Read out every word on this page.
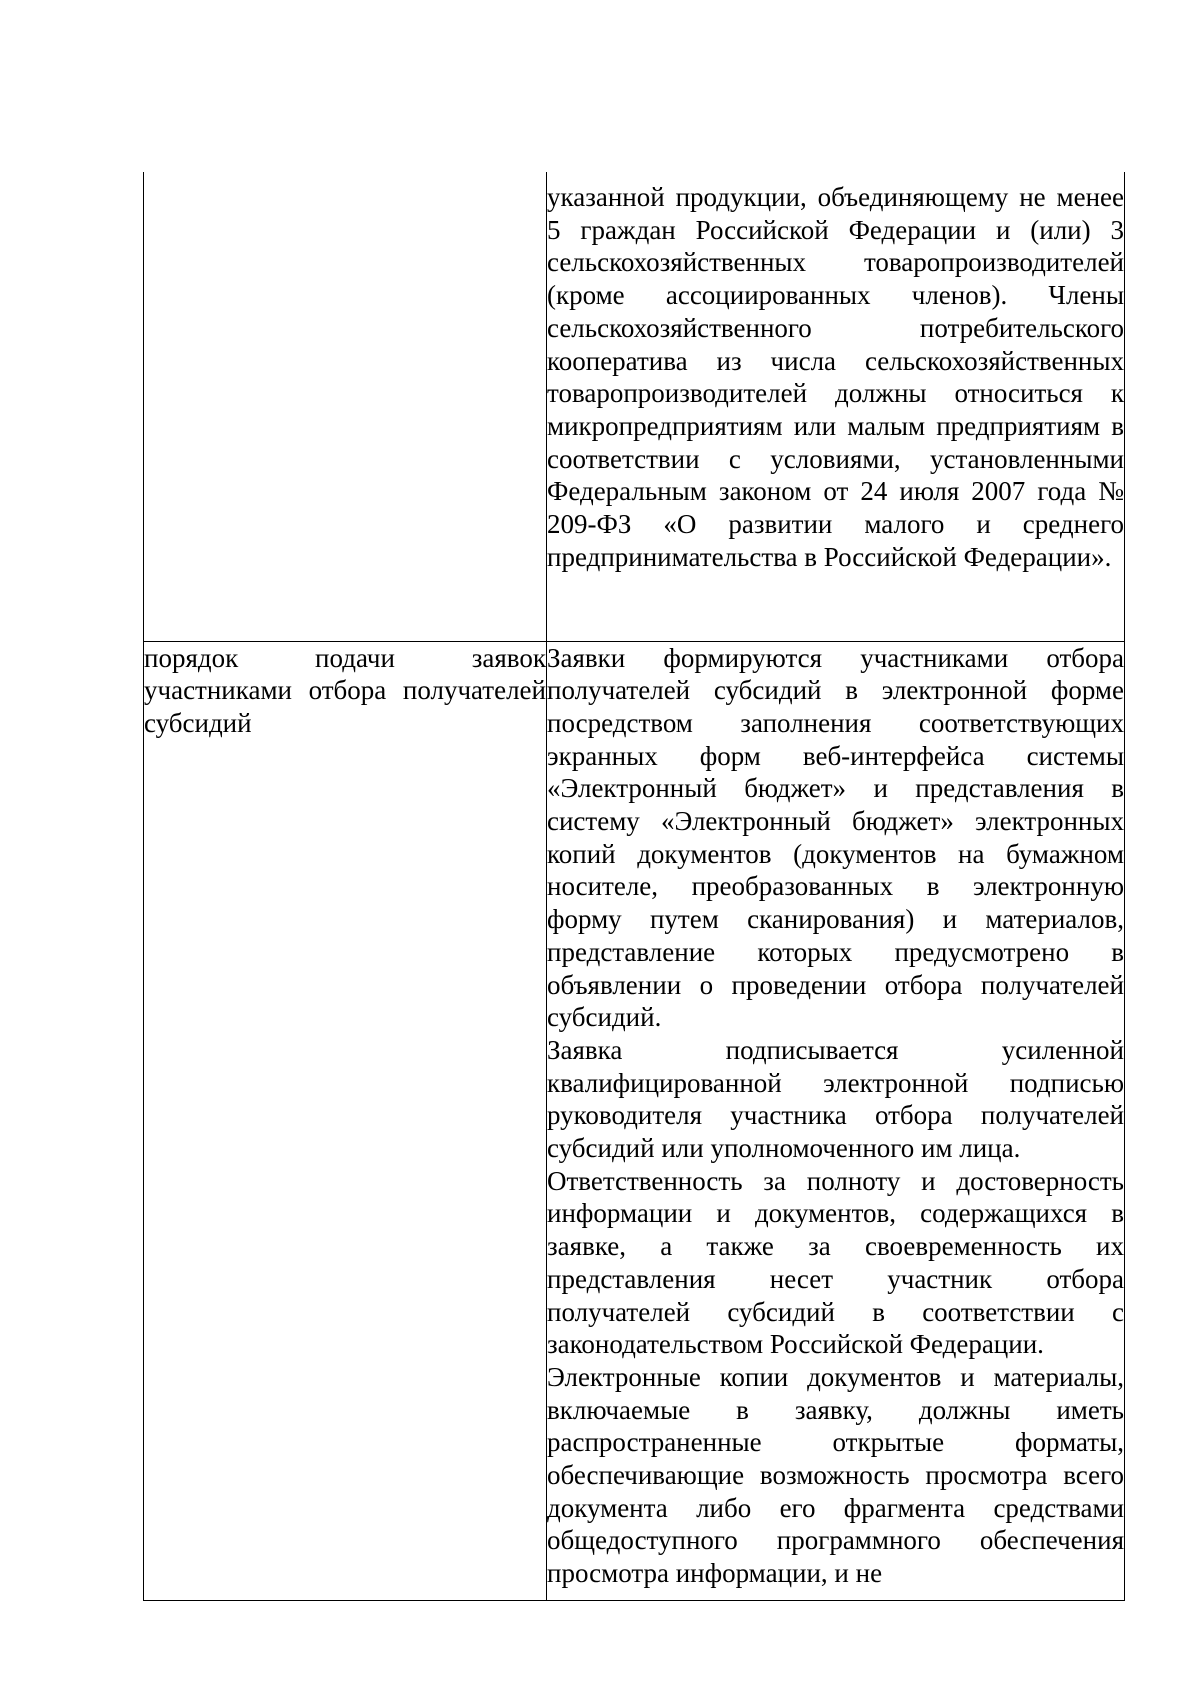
	указанной продукции, объединяющему не менее 5 граждан Российской Федерации и (или) 3 сельскохозяйственных товаропроизводителей (кроме ассоциированных членов). Члены сельскохозяйственного потребительского кооператива из числа сельскохозяйственных товаропроизводителей должны относиться к микропредприятиям или малым предприятиям в соответствии с условиями, установленными Федеральным законом от 24 июля 2007 года № 209-ФЗ «О развитии малого и среднего предпринимательства в Российской Федерации».

порядок подачи заявок участниками отбора получателей субсидий	Заявки формируются участниками отбора получателей субсидий в электронной форме посредством заполнения соответствующих экранных форм веб-интерфейса системы «Электронный бюджет» и представления в систему «Электронный бюджет» электронных копий документов (документов на бумажном носителе, преобразованных в электронную форму путем сканирования) и материалов, представление которых предусмотрено в объявлении о проведении отбора получателей субсидий.

Заявка подписывается усиленной квалифицированной электронной подписью руководителя участника отбора получателей субсидий или уполномоченного им лица.

Ответственность за полноту и достоверность информации и документов, содержащихся в заявке, а также за своевременность их представления несет участник отбора получателей субсидий в соответствии с законодательством Российской Федерации.

Электронные копии документов и материалы, включаемые в заявку, должны иметь распространенные открытые форматы, обеспечивающие возможность просмотра всего документа либо его фрагмента средствами общедоступного программного обеспечения просмотра информации, и не
